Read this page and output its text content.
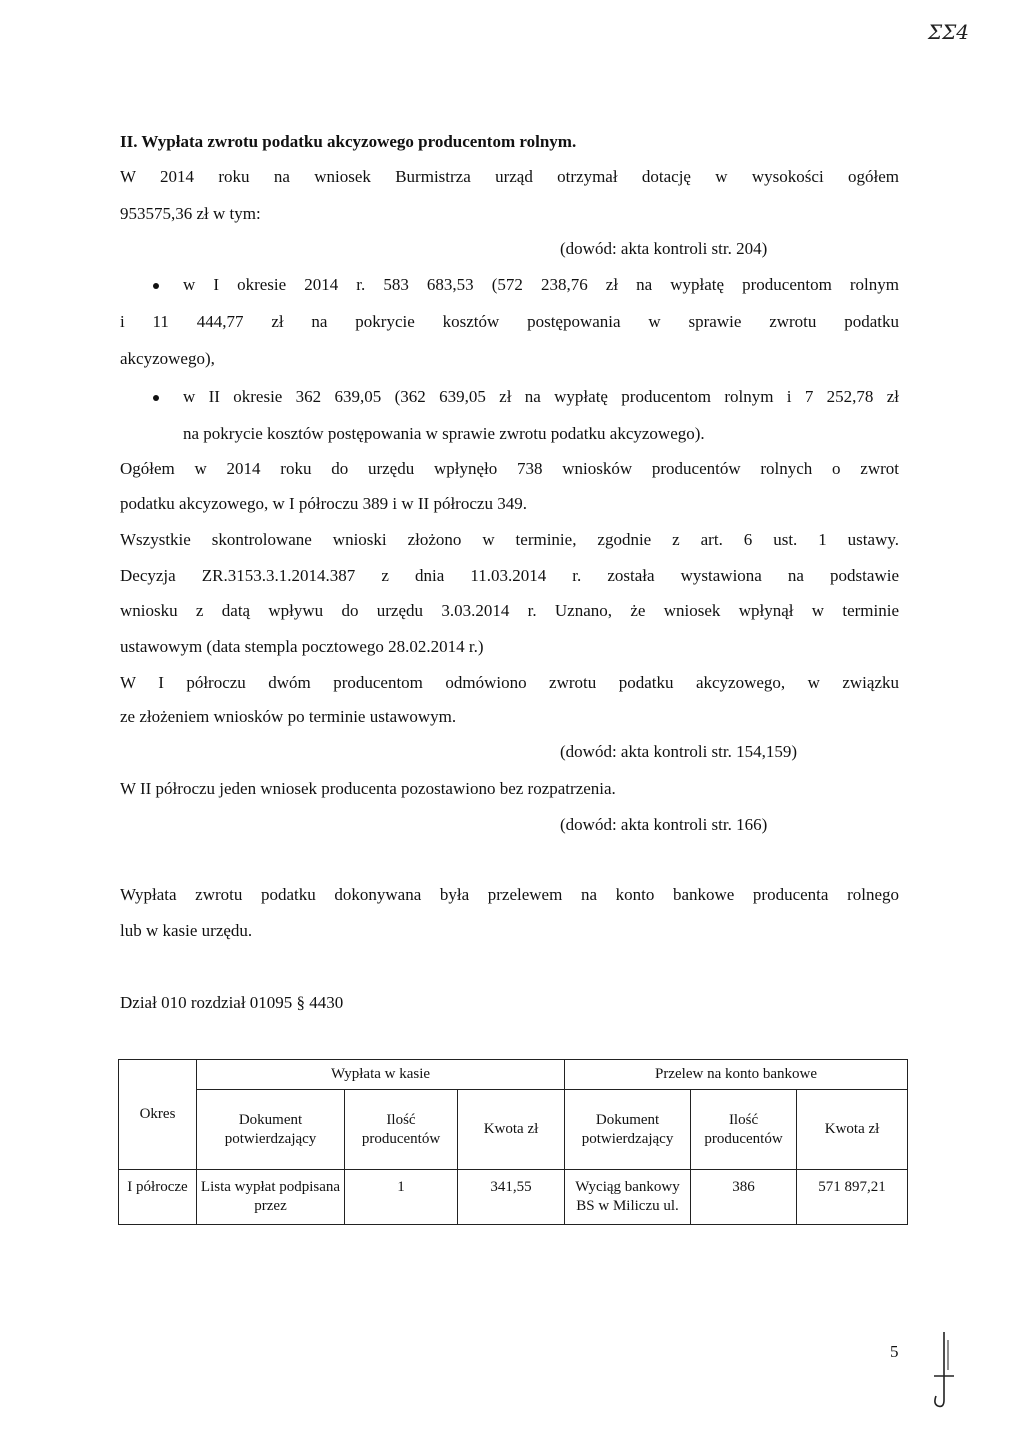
ΣΣ4
II. Wypłata zwrotu podatku akcyzowego producentom rolnym.
W 2014 roku na wniosek Burmistrza urząd otrzymał dotację w wysokości ogółem
953575,36 zł w tym:
(dowód: akta kontroli str. 204)
w I okresie 2014 r. 583 683,53 (572 238,76 zł na wypłatę producentom rolnym
i 11 444,77 zł na pokrycie kosztów postępowania w sprawie zwrotu podatku
akcyzowego),
w II okresie 362 639,05 (362 639,05 zł na wypłatę producentom rolnym i 7 252,78 zł
na pokrycie kosztów postępowania w sprawie zwrotu podatku akcyzowego).
Ogółem w 2014 roku do urzędu wpłynęło 738 wniosków producentów rolnych o zwrot
podatku akcyzowego, w I półroczu 389 i w II półroczu 349.
Wszystkie skontrolowane wnioski złożono w terminie, zgodnie z art. 6 ust. 1 ustawy.
Decyzja ZR.3153.3.1.2014.387 z dnia 11.03.2014 r. została wystawiona na podstawie
wniosku z datą wpływu do urzędu 3.03.2014 r. Uznano, że wniosek wpłynął w terminie
ustawowym (data stempla pocztowego 28.02.2014 r.)
W I półroczu dwóm producentom odmówiono zwrotu podatku akcyzowego, w związku
ze złożeniem wniosków po terminie ustawowym.
(dowód: akta kontroli str. 154,159)
W II półroczu jeden wniosek producenta pozostawiono bez rozpatrzenia.
(dowód: akta kontroli str. 166)
Wypłata zwrotu podatku dokonywana była przelewem na konto bankowe producenta rolnego
lub w kasie urzędu.
Dział 010 rozdział 01095 § 4430
Okres	Wypłata w kasie			Przelew na konto bankowe		
	Dokument potwierdzający	Ilość producentów	Kwota zł	Dokument potwierdzający	Ilość producentów	Kwota zł
I półrocze	Lista wypłat podpisana przez	1	341,55	Wyciąg bankowy BS w Miliczu ul.	386	571 897,21
5
